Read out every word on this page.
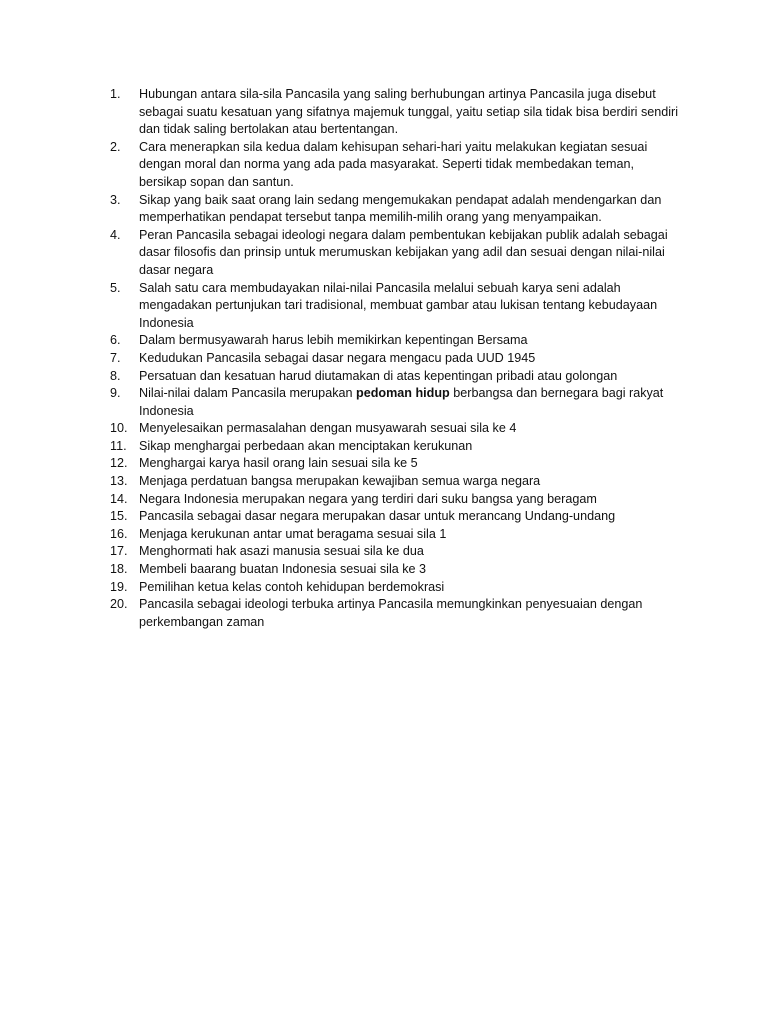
1.	Hubungan antara sila-sila Pancasila yang saling berhubungan artinya Pancasila juga disebut sebagai suatu kesatuan yang sifatnya majemuk tunggal, yaitu setiap sila tidak bisa berdiri sendiri dan tidak saling bertolakan atau bertentangan.
2.	Cara menerapkan sila kedua dalam kehisupan sehari-hari yaitu melakukan kegiatan sesuai dengan moral dan norma yang ada pada masyarakat. Seperti tidak membedakan teman, bersikap sopan dan santun.
3.	Sikap yang baik saat orang lain sedang mengemukakan pendapat adalah mendengarkan dan memperhatikan pendapat tersebut tanpa memilih-milih orang yang menyampaikan.
4.	Peran Pancasila sebagai ideologi negara dalam pembentukan kebijakan publik adalah sebagai dasar filosofis dan prinsip untuk merumuskan kebijakan yang adil dan sesuai dengan nilai-nilai dasar negara
5.	Salah satu cara membudayakan nilai-nilai Pancasila melalui sebuah karya seni adalah mengadakan pertunjukan tari tradisional, membuat gambar atau lukisan tentang kebudayaan Indonesia
6.	Dalam bermusyawarah harus lebih memikirkan kepentingan Bersama
7.	Kedudukan Pancasila sebagai dasar negara mengacu pada UUD 1945
8.	Persatuan dan kesatuan harud diutamakan di atas kepentingan pribadi atau golongan
9.	Nilai-nilai dalam Pancasila merupakan pedoman hidup berbangsa dan bernegara bagi rakyat Indonesia
10. Menyelesaikan permasalahan dengan musyawarah sesuai sila ke 4
11. Sikap menghargai perbedaan akan menciptakan kerukunan
12. Menghargai karya hasil orang lain sesuai sila ke 5
13. Menjaga perdatuan bangsa merupakan kewajiban semua warga negara
14. Negara Indonesia merupakan negara yang terdiri dari suku bangsa yang beragam
15. Pancasila sebagai dasar negara merupakan dasar untuk merancang Undang-undang
16. Menjaga kerukunan antar umat beragama sesuai sila 1
17. Menghormati hak asazi manusia sesuai sila ke dua
18. Membeli baarang buatan Indonesia sesuai sila ke 3
19. Pemilihan ketua kelas contoh kehidupan berdemokrasi
20. Pancasila sebagai ideologi terbuka artinya Pancasila memungkinkan penyesuaian dengan perkembangan zaman
